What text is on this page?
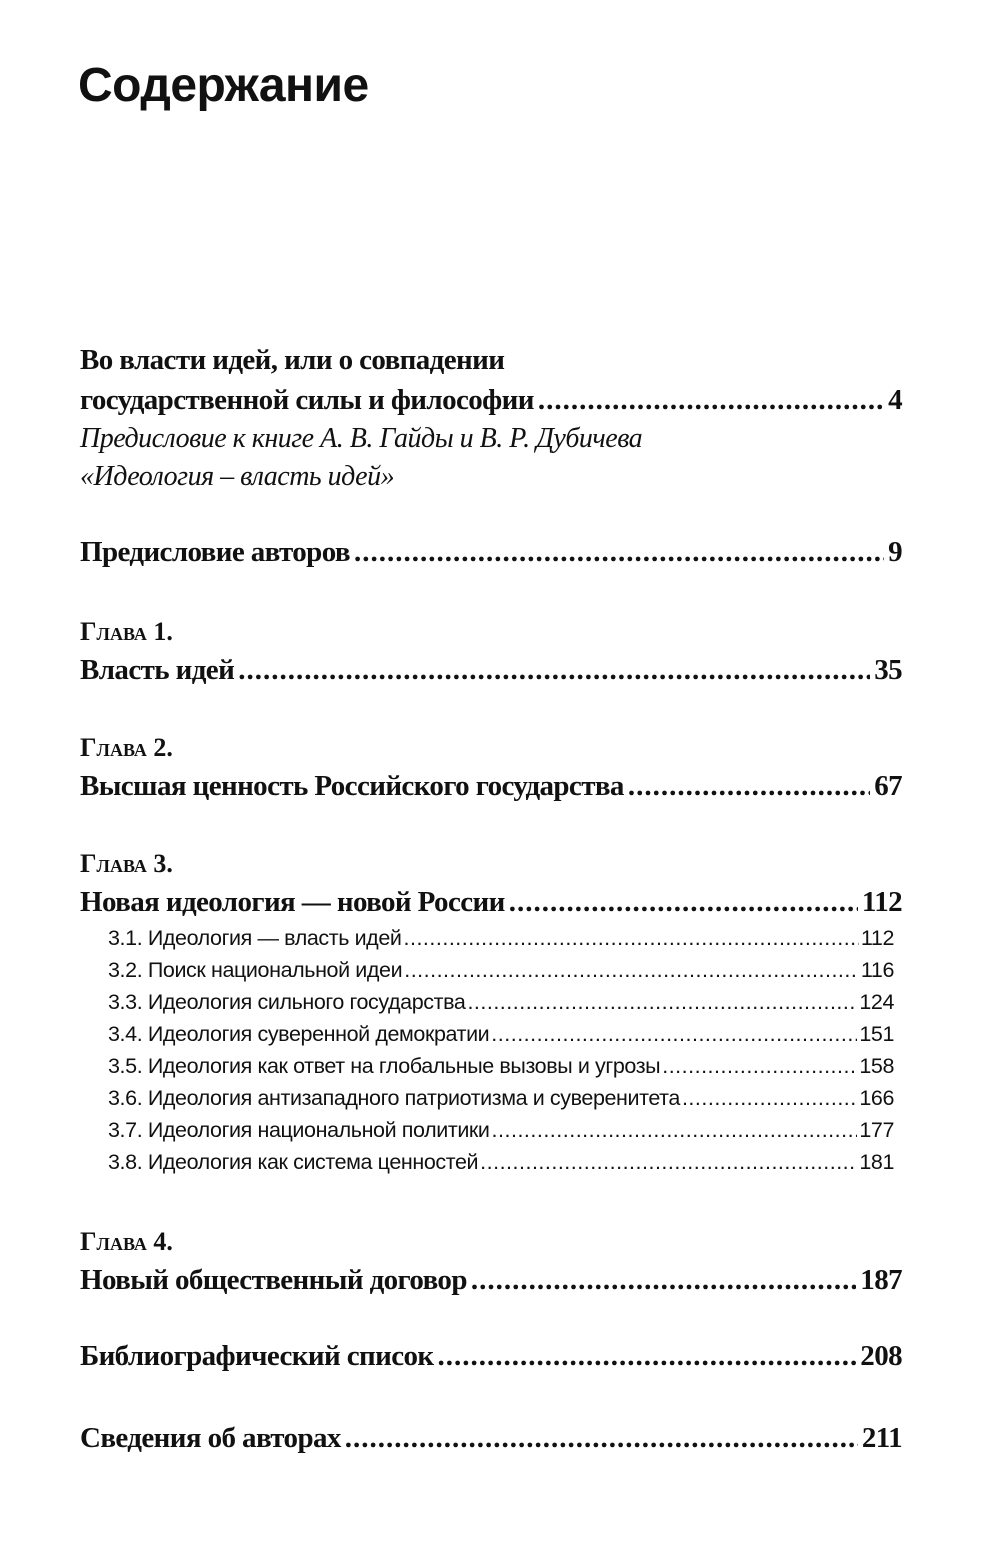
Содержание
Во власти идей, или о совпадении
государственной силы и философии .....	4
Предисловие к книге А. В. Гайды и В. Р. Дубичева
«Идеология – власть идей»
Предисловие авторов .....	9
Глава 1.
Власть идей .....	35
Глава 2.
Высшая ценность Российского государства .....	67
Глава 3.
Новая идеология — новой России .....	112
3.1. Идеология — власть идей .....	112
3.2. Поиск национальной идеи .....	116
3.3. Идеология сильного государства .....	124
3.4. Идеология суверенной демократии .....	151
3.5. Идеология как ответ на глобальные вызовы и угрозы .....	158
3.6. Идеология антизападного патриотизма и суверенитета .....	166
3.7. Идеология национальной политики .....	177
3.8. Идеология как система ценностей .....	181
Глава 4.
Новый общественный договор .....	187
Библиографический список .....	208
Сведения об авторах .....	211
